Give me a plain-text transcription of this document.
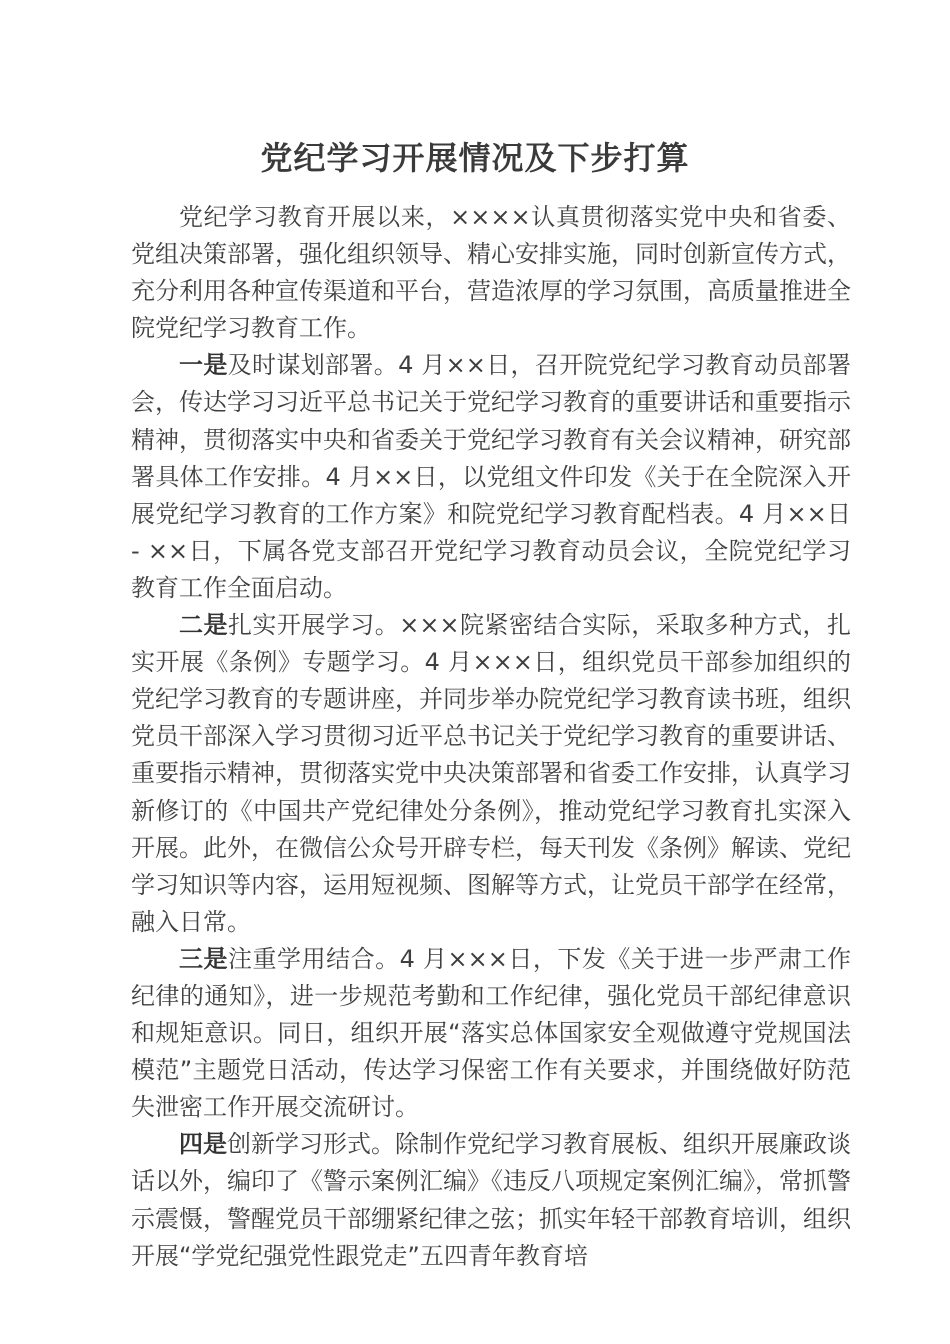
党纪学习开展情况及下步打算

党纪学习教育开展以来，××××认真贯彻落实党中央和省委、党组决策部署，强化组织领导、精心安排实施，同时创新宣传方式，充分利用各种宣传渠道和平台，营造浓厚的学习氛围，高质量推进全院党纪学习教育工作。

一是及时谋划部署。4 月××日，召开院党纪学习教育动员部署会，传达学习习近平总书记关于党纪学习教育的重要讲话和重要指示精神，贯彻落实中央和省委关于党纪学习教育有关会议精神，研究部署具体工作安排。4 月××日，以党组文件印发《关于在全院深入开展党纪学习教育的工作方案》和院党纪学习教育配档表。4 月××日 - ××日，下属各党支部召开党纪学习教育动员会议，全院党纪学习教育工作全面启动。

二是扎实开展学习。×××院紧密结合实际，采取多种方式，扎实开展《条例》专题学习。4 月×××日，组织党员干部参加组织的党纪学习教育的专题讲座，并同步举办院党纪学习教育读书班，组织党员干部深入学习贯彻习近平总书记关于党纪学习教育的重要讲话、重要指示精神，贯彻落实党中央决策部署和省委工作安排，认真学习新修订的《中国共产党纪律处分条例》，推动党纪学习教育扎实深入开展。此外，在微信公众号开辟专栏，每天刊发《条例》解读、党纪学习知识等内容，运用短视频、图解等方式，让党员干部学在经常，融入日常。

三是注重学用结合。4 月×××日，下发《关于进一步严肃工作纪律的通知》，进一步规范考勤和工作纪律，强化党员干部纪律意识和规矩意识。同日，组织开展“落实总体国家安全观做遵守党规国法模范”主题党日活动，传达学习保密工作有关要求，并围绕做好防范失泄密工作开展交流研讨。

四是创新学习形式。除制作党纪学习教育展板、组织开展廉政谈话以外，编印了《警示案例汇编》《违反八项规定案例汇编》，常抓警示震慑，警醒党员干部绷紧纪律之弦；抓实年轻干部教育培训，组织开展“学党纪强党性跟党走”五四青年教育培
